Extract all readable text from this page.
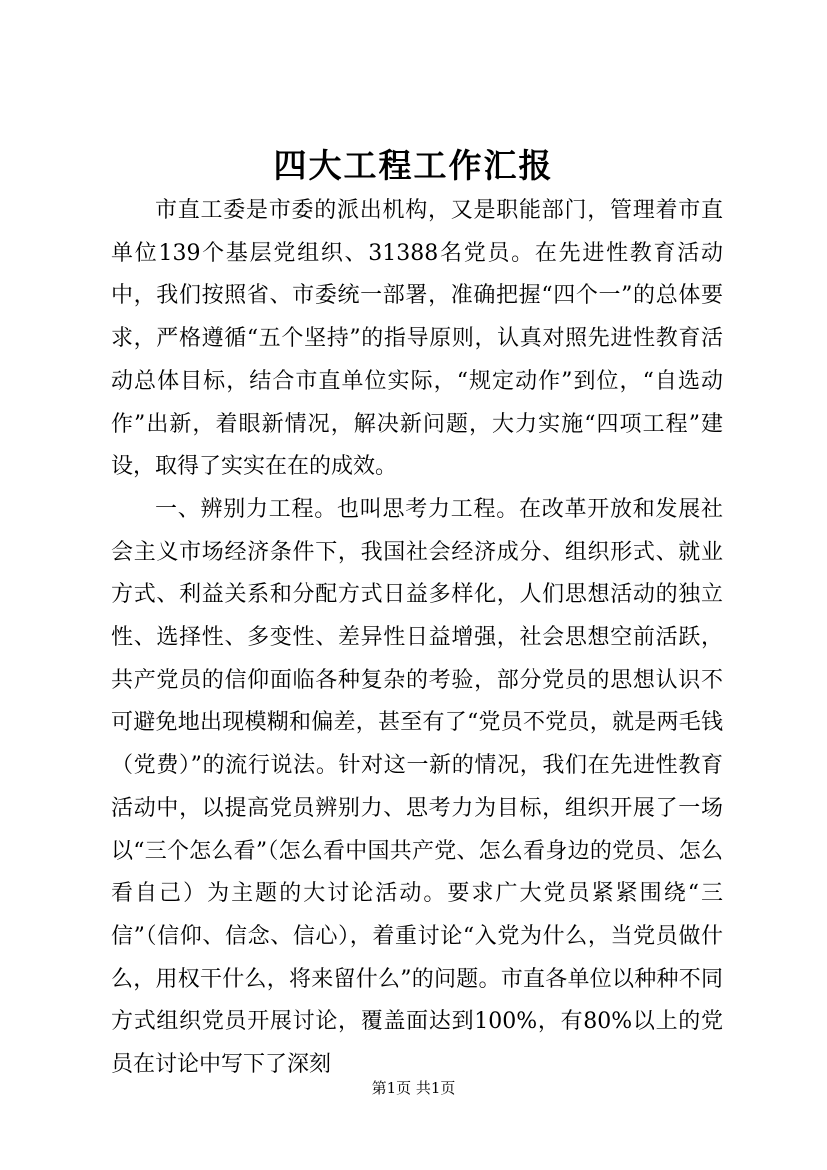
四大工程工作汇报

市直工委是市委的派出机构，又是职能部门，管理着市直单位139个基层党组织、31388名党员。在先进性教育活动中，我们按照省、市委统一部署，准确把握“四个一”的总体要求，严格遵循“五个坚持”的指导原则，认真对照先进性教育活动总体目标，结合市直单位实际，“规定动作”到位，“自选动作”出新，着眼新情况，解决新问题，大力实施“四项工程”建设，取得了实实在在的成效。

一、辨别力工程。也叫思考力工程。在改革开放和发展社会主义市场经济条件下，我国社会经济成分、组织形式、就业方式、利益关系和分配方式日益多样化，人们思想活动的独立性、选择性、多变性、差异性日益增强，社会思想空前活跃，共产党员的信仰面临各种复杂的考验，部分党员的思想认识不可避免地出现模糊和偏差，甚至有了“党员不党员，就是两毛钱（党费）”的流行说法。针对这一新的情况，我们在先进性教育活动中，以提高党员辨别力、思考力为目标，组织开展了一场以“三个怎么看”（怎么看中国共产党、怎么看身边的党员、怎么看自己）为主题的大讨论活动。要求广大党员紧紧围绕“三信”（信仰、信念、信心），着重讨论“入党为什么，当党员做什么，用权干什么，将来留什么”的问题。市直各单位以种种不同方式组织党员开展讨论，覆盖面达到100%，有80%以上的党员在讨论中写下了深刻

第1页 共1页
